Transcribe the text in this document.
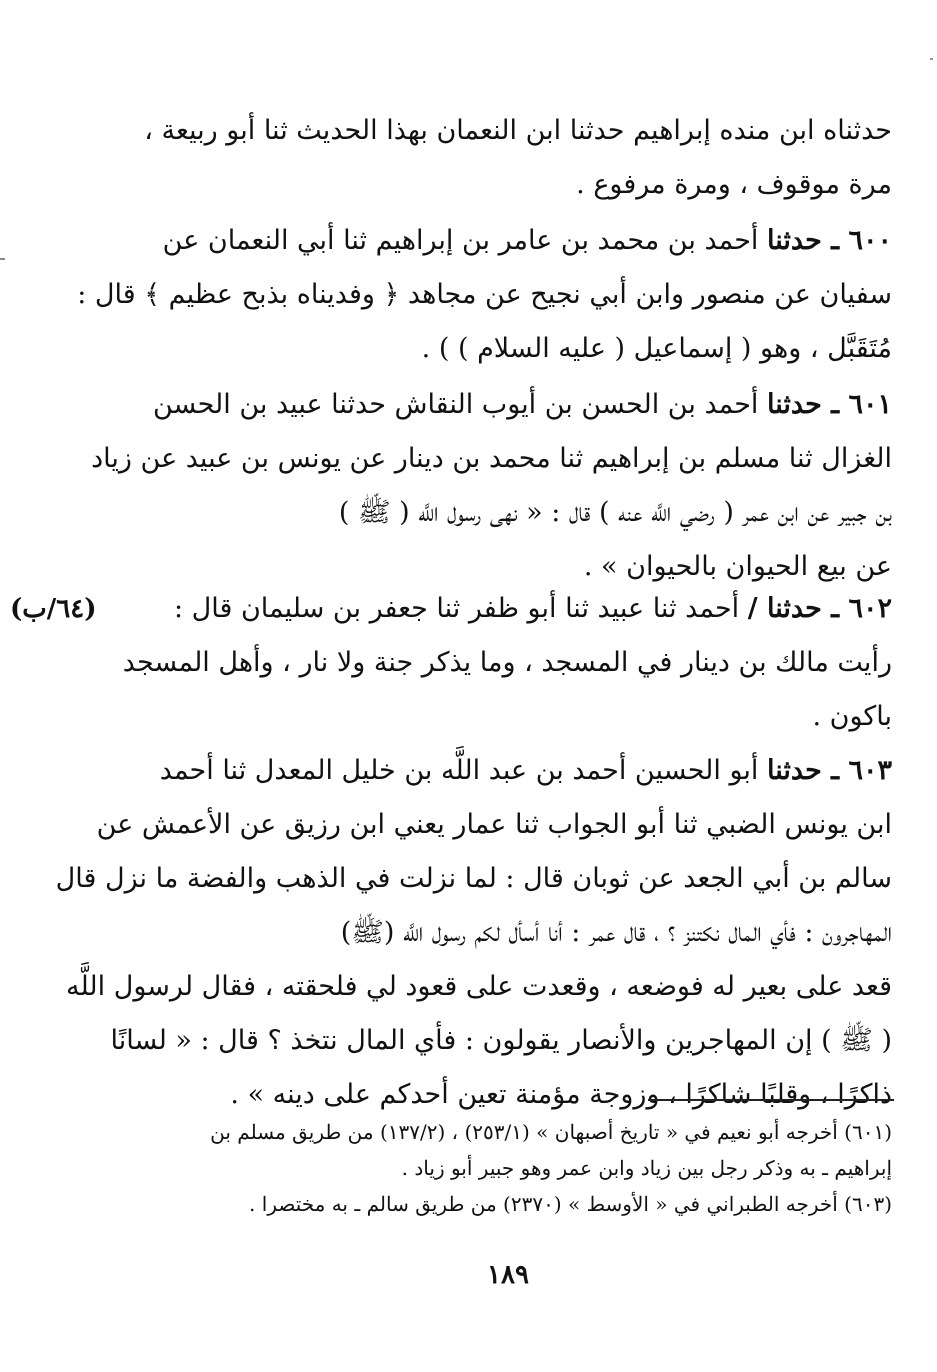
حدثناه ابن منده إبراهيم حدثنا ابن النعمان بهذا الحديث ثنا أبو ربيعة ،
مرة موقوف ، ومرة مرفوع .
٦٠٠ ـ حدثنا أحمد بن محمد بن عامر بن إبراهيم ثنا أبي النعمان عن
سفيان عن منصور وابن أبي نجيح عن مجاهد ﴿ وفديناه بذبح عظيم ﴾ قال :
مُتَقَبَّل ، وهو ( إسماعيل ( عليه السلام ) ) .
٦٠١ ـ حدثنا أحمد بن الحسن بن أيوب النقاش حدثنا عبيد بن الحسن
الغزال ثنا مسلم بن إبراهيم ثنا محمد بن دينار عن يونس بن عبيد عن زياد
بن جبير عن ابن عمر ( رضي اللَّه عنه ) قال : « نهى رسول اللَّه ( ﷺ )
عن بيع الحيوان بالحيوان » .
٦٠٢ ـ حدثنا / أحمد ثنا عبيد ثنا أبو ظفر ثنا جعفر بن سليمان قال :
رأيت مالك بن دينار في المسجد ، وما يذكر جنة ولا نار ، وأهل المسجد
باكون .
(٦٤/ب)
٦٠٣ ـ حدثنا أبو الحسين أحمد بن عبد اللَّه بن خليل المعدل ثنا أحمد
ابن يونس الضبي ثنا أبو الجواب ثنا عمار يعني ابن رزيق عن الأعمش عن
سالم بن أبي الجعد عن ثوبان قال : لما نزلت في الذهب والفضة ما نزل قال
المهاجرون : فأي المال نكتنز ؟ ، قال عمر : أنا أسأل لكم رسول اللَّه (ﷺ)
قعد على بعير له فوضعه ، وقعدت على قعود لي فلحقته ، فقال لرسول اللَّه
( ﷺ ) إن المهاجرين والأنصار يقولون : فأي المال نتخذ ؟ قال : « لسانًا
ذاكرًا ، وقلبًا شاكرًا ، وزوجة مؤمنة تعين أحدكم على دينه » .
(٦٠١) أخرجه أبو نعيم في « تاريخ أصبهان » (٢٥٣/١) ، (١٣٧/٢) من طريق مسلم بن
إبراهيم ـ به وذكر رجل بين زياد وابن عمر وهو جبير أبو زياد .
(٦٠٣) أخرجه الطبراني في « الأوسط » (٢٣٧٠) من طريق سالم ـ به مختصرا .
١٨٩
